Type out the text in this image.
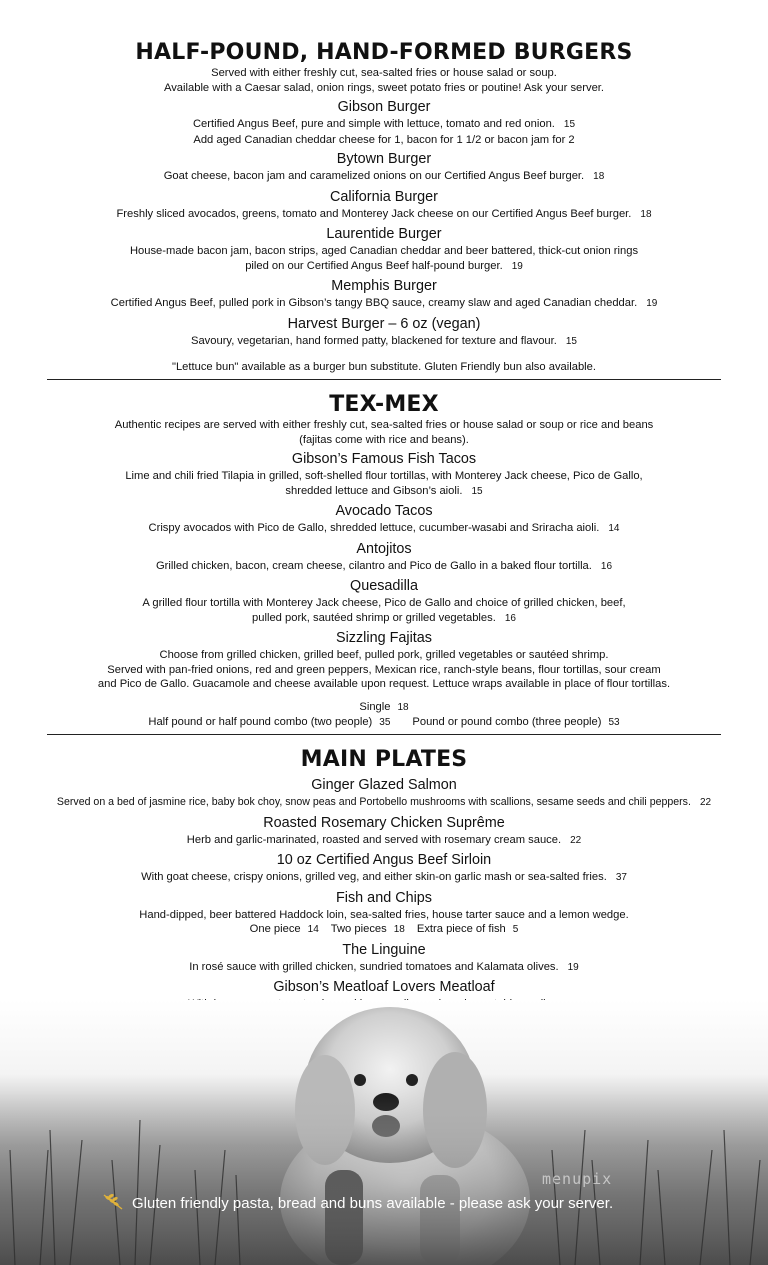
HALF-POUND, HAND-FORMED BURGERS

Served with either freshly cut, sea-salted fries or house salad or soup.

Available with a Caesar salad, onion rings, sweet potato fries or poutine! Ask your server.

Gibson Burger

Certified Angus Beef, pure and simple with lettuce, tomato and red onion. 15

Add aged Canadian cheddar cheese for 1, bacon for 1 1/2 or bacon jam for 2

Bytown Burger

Goat cheese, bacon jam and caramelized onions on our Certified Angus Beef burger. 18

California Burger

Freshly sliced avocados, greens, tomato and Monterey Jack cheese on our Certified Angus Beef burger. 18

Laurentide Burger

House-made bacon jam, bacon strips, aged Canadian cheddar and beer battered, thick-cut onion rings

piled on our Certified Angus Beef half-pound burger. 19

Memphis Burger

Certified Angus Beef, pulled pork in Gibson’s tangy BBQ sauce, creamy slaw and aged Canadian cheddar. 19

Harvest Burger – 6 oz (vegan)

Savoury, vegetarian, hand formed patty, blackened for texture and flavour. 15

"Lettuce bun" available as a burger bun substitute. Gluten Friendly bun also available.

TEX-MEX

Authentic recipes are served with either freshly cut, sea-salted fries or house salad or soup or rice and beans

(fajitas come with rice and beans).

Gibson’s Famous Fish Tacos

Lime and chili fried Tilapia in grilled, soft-shelled flour tortillas, with Monterey Jack cheese, Pico de Gallo,

shredded lettuce and Gibson’s aioli. 15

Avocado Tacos

Crispy avocados with Pico de Gallo, shredded lettuce, cucumber-wasabi and Sriracha aioli. 14

Antojitos

Grilled chicken, bacon, cream cheese, cilantro and Pico de Gallo in a baked flour tortilla. 16

Quesadilla

A grilled flour tortilla with Monterey Jack cheese, Pico de Gallo and choice of grilled chicken, beef,

pulled pork, sautéed shrimp or grilled vegetables. 16

Sizzling Fajitas

Choose from grilled chicken, grilled beef, pulled pork, grilled vegetables or sautéed shrimp.

Served with pan-fried onions, red and green peppers, Mexican rice, ranch-style beans, flour tortillas, sour cream

and Pico de Gallo. Guacamole and cheese available upon request. Lettuce wraps available in place of flour tortillas.

Single 18

Half pound or half pound combo (two people) 35 Pound or pound combo (three people) 53

MAIN PLATES

Ginger Glazed Salmon

Served on a bed of jasmine rice, baby bok choy, snow peas and Portobello mushrooms with scallions, sesame seeds and chili peppers. 22

Roasted Rosemary Chicken Suprême

Herb and garlic-marinated, roasted and served with rosemary cream sauce. 22

10 oz Certified Angus Beef Sirloin

With goat cheese, crispy onions, grilled veg, and either skin-on garlic mash or sea-salted fries. 37

Fish and Chips

Hand-dipped, beer battered Haddock loin, sea-salted fries, house tarter sauce and a lemon wedge.

One piece 14 Two pieces 18 Extra piece of fish 5

The Linguine

In rosé sauce with grilled chicken, sundried tomatoes and Kalamata olives. 19

Gibson’s Meatloaf Lovers Meatloaf

menupix
Gluten friendly pasta, bread and buns available - please ask your server.
